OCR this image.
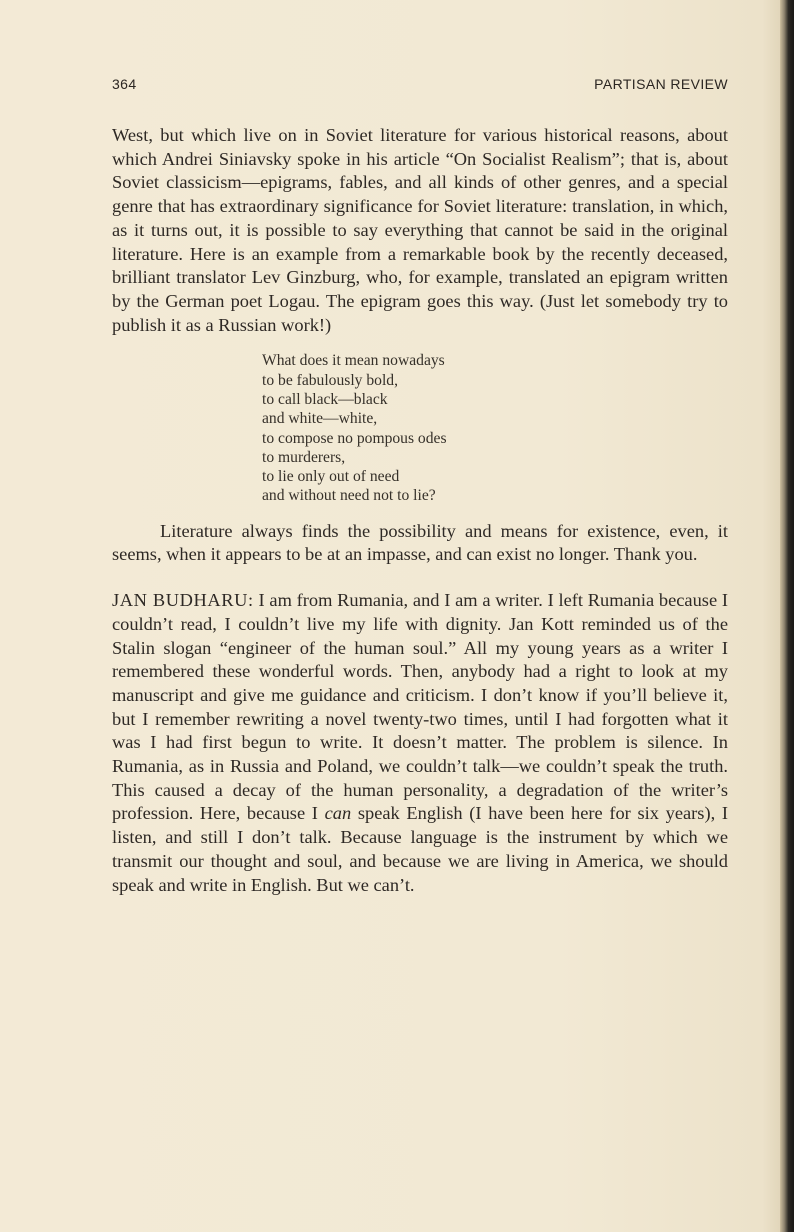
364	PARTISAN REVIEW

West, but which live on in Soviet literature for various historical reasons, about which Andrei Siniavsky spoke in his article “On Socialist Realism”; that is, about Soviet classicism—epigrams, fables, and all kinds of other genres, and a special genre that has extraordinary significance for Soviet literature: translation, in which, as it turns out, it is possible to say everything that cannot be said in the original literature. Here is an example from a remarkable book by the recently deceased, brilliant translator Lev Ginzburg, who, for example, translated an epigram written by the German poet Logau. The epigram goes this way. (Just let somebody try to publish it as a Russian work!)

What does it mean nowadays
to be fabulously bold,
to call black—black
and white—white,
to compose no pompous odes
to murderers,
to lie only out of need
and without need not to lie?

Literature always finds the possibility and means for existence, even, it seems, when it appears to be at an impasse, and can exist no longer. Thank you.

JAN BUDHARU: I am from Rumania, and I am a writer. I left Rumania because I couldn’t read, I couldn’t live my life with dignity. Jan Kott reminded us of the Stalin slogan “engineer of the human soul.” All my young years as a writer I remembered these wonderful words. Then, anybody had a right to look at my manuscript and give me guidance and criticism. I don’t know if you’ll believe it, but I remember rewriting a novel twenty-two times, until I had forgotten what it was I had first begun to write. It doesn’t matter. The problem is silence. In Rumania, as in Russia and Poland, we couldn’t talk—we couldn’t speak the truth. This caused a decay of the human personality, a degradation of the writer’s profession. Here, because I can speak English (I have been here for six years), I listen, and still I don’t talk. Because language is the instrument by which we transmit our thought and soul, and because we are living in America, we should speak and write in English. But we can’t.
